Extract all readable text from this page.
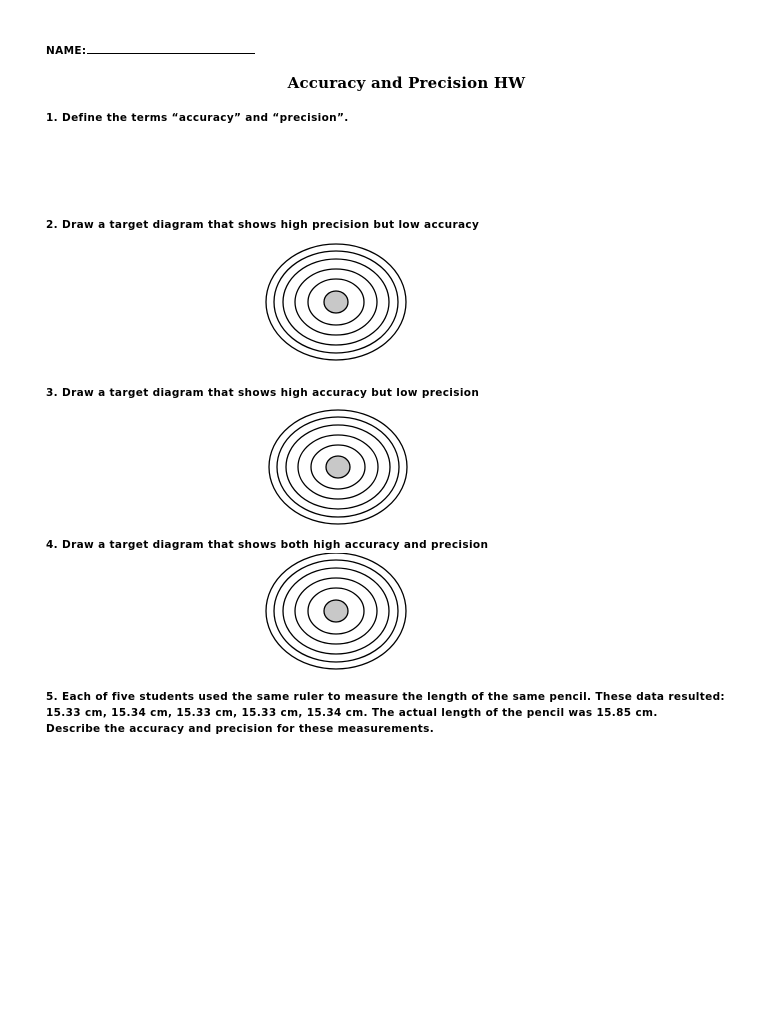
NAME:
Accuracy and Precision HW
1. Define the terms “accuracy” and “precision”.
2. Draw a target diagram that shows high precision but low accuracy
3. Draw a target diagram that shows high accuracy but low precision
4. Draw a target diagram that shows both high accuracy and precision
5. Each of five students used the same ruler to measure the length of the same pencil. These data resulted:
15.33 cm, 15.34 cm, 15.33 cm, 15.33 cm, 15.34 cm. The actual length of the pencil was 15.85 cm.
Describe the accuracy and precision for these measurements.
